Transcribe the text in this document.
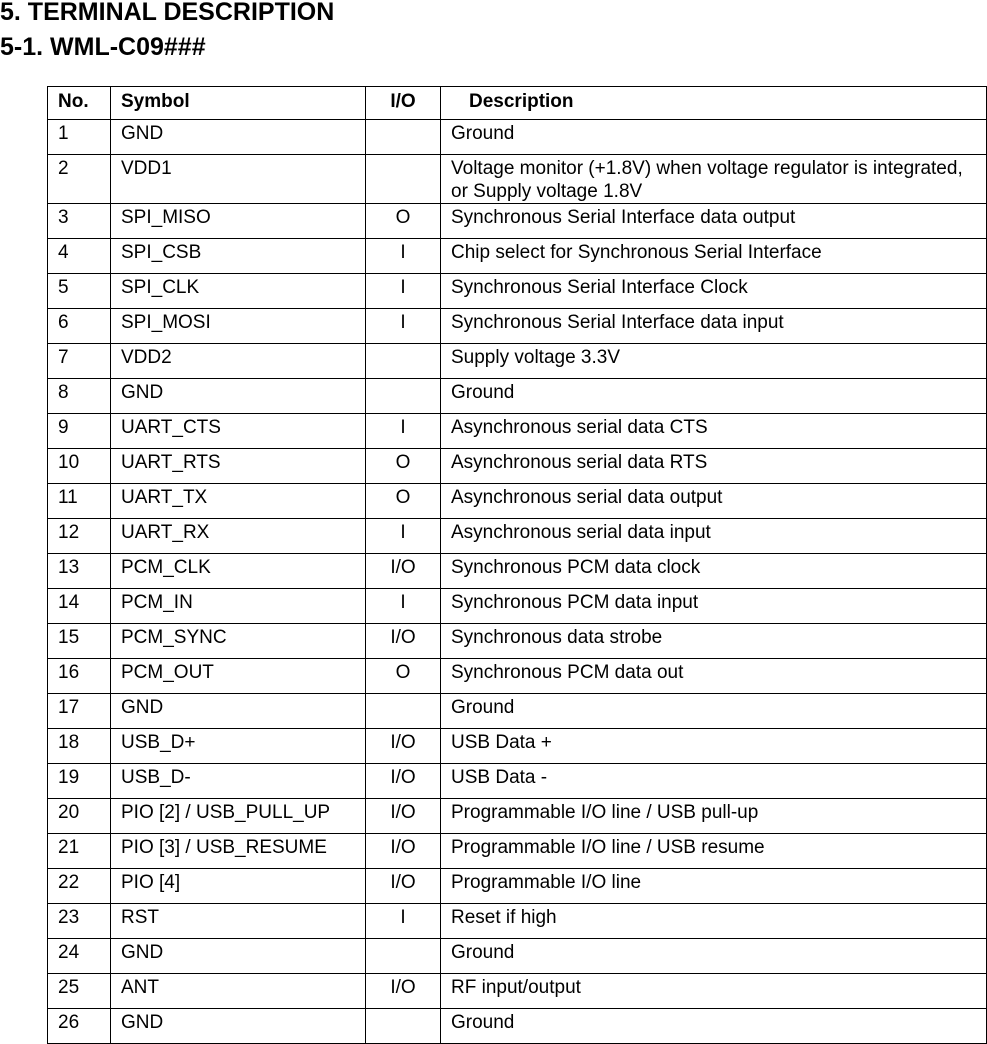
5. TERMINAL DESCRIPTION
5-1. WML-C09###
No.	Symbol	I/O	Description
1	GND		Ground
2	VDD1		Voltage monitor (+1.8V) when voltage regulator is integrated, or Supply voltage 1.8V
3	SPI_MISO	O	Synchronous Serial Interface data output
4	SPI_CSB	I	Chip select for Synchronous Serial Interface
5	SPI_CLK	I	Synchronous Serial Interface Clock
6	SPI_MOSI	I	Synchronous Serial Interface data input
7	VDD2		Supply voltage 3.3V
8	GND		Ground
9	UART_CTS	I	Asynchronous serial data CTS
10	UART_RTS	O	Asynchronous serial data RTS
11	UART_TX	O	Asynchronous serial data output
12	UART_RX	I	Asynchronous serial data input
13	PCM_CLK	I/O	Synchronous PCM data clock
14	PCM_IN	I	Synchronous PCM data input
15	PCM_SYNC	I/O	Synchronous data strobe
16	PCM_OUT	O	Synchronous PCM data out
17	GND		Ground
18	USB_D+	I/O	USB Data +
19	USB_D-	I/O	USB Data -
20	PIO [2] / USB_PULL_UP	I/O	Programmable I/O line / USB pull-up
21	PIO [3] / USB_RESUME	I/O	Programmable I/O line / USB resume
22	PIO [4]	I/O	Programmable I/O line
23	RST	I	Reset if high
24	GND		Ground
25	ANT	I/O	RF input/output
26	GND		Ground
